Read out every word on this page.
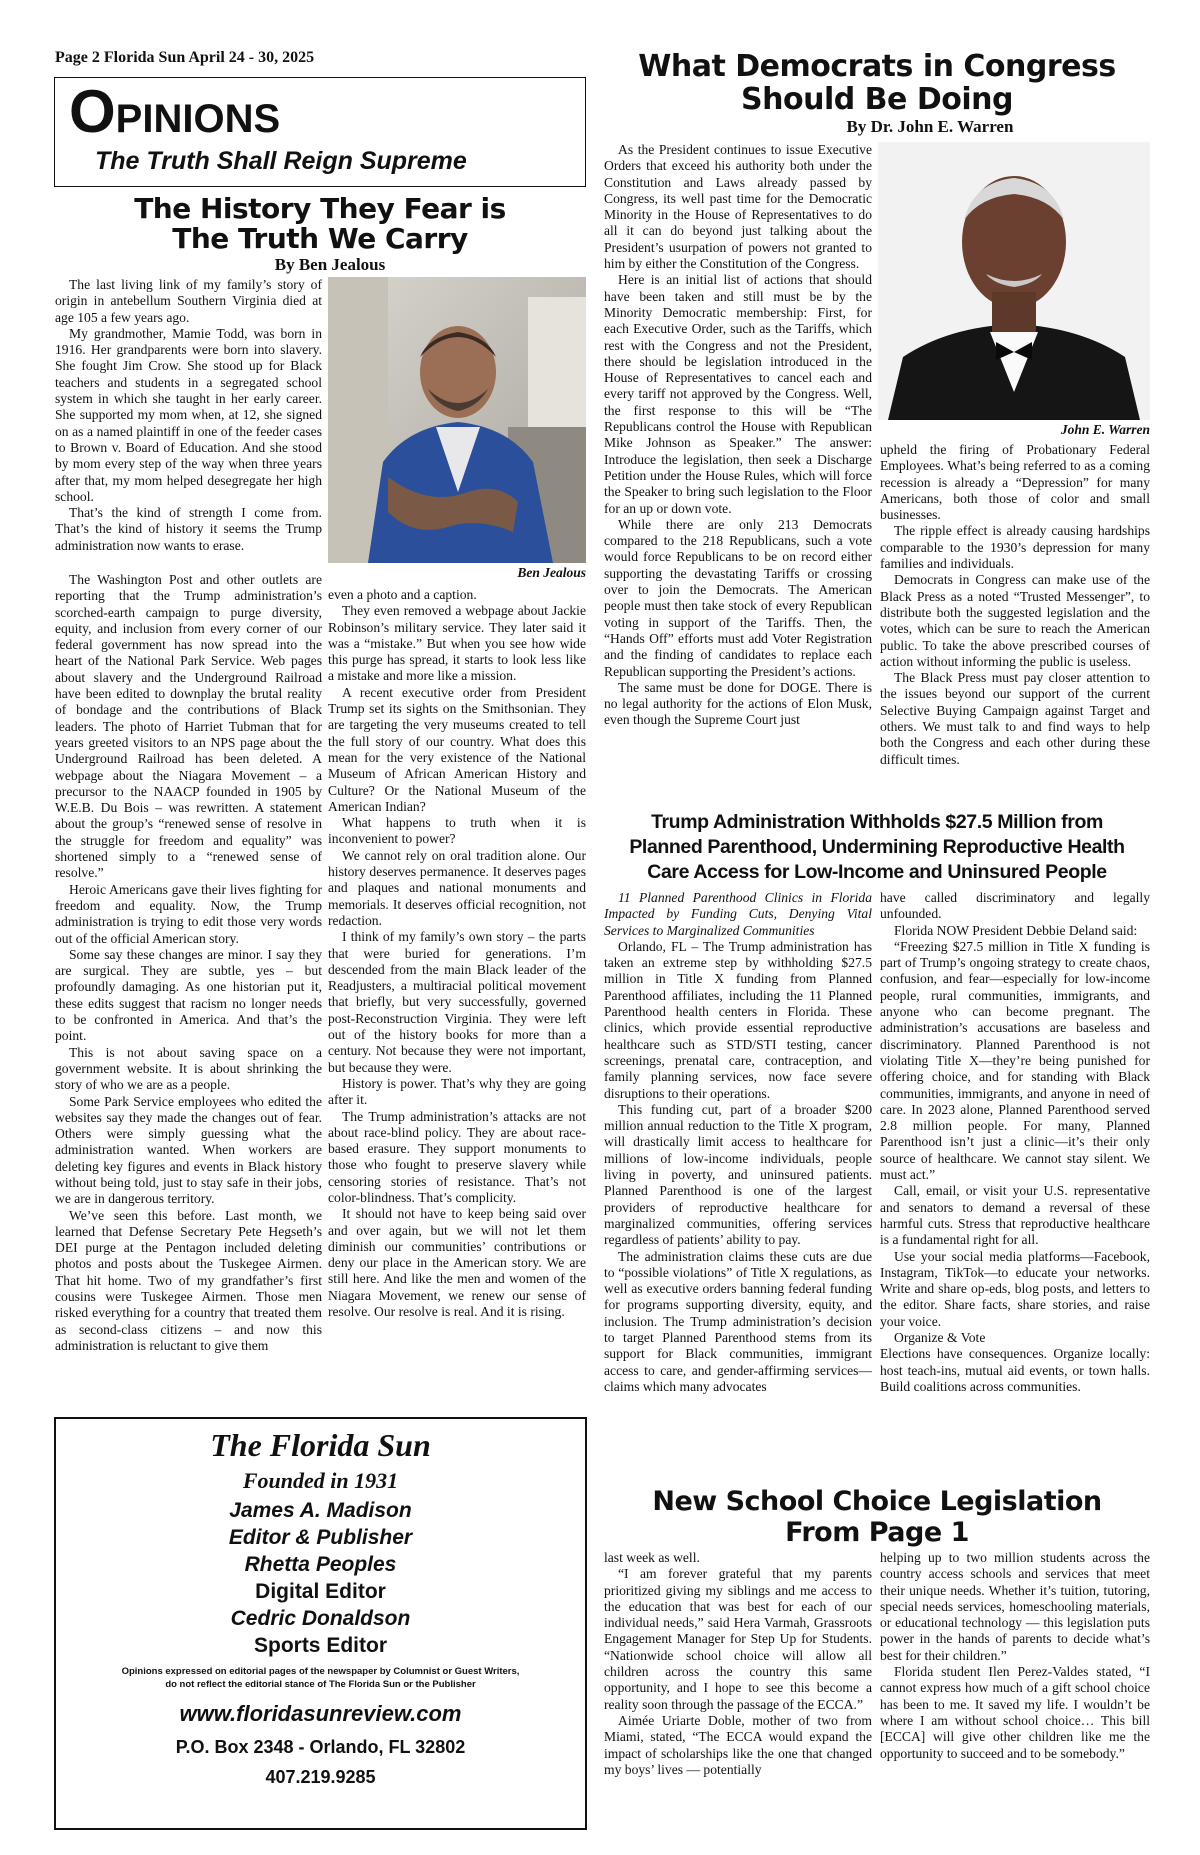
Page 2 Florida Sun April 24 - 30, 2025
OPINIONS
The Truth Shall Reign Supreme
The History They Fear is
The Truth We Carry
By Ben Jealous
Ben Jealous

The last living link of my family’s story of origin in antebellum Southern Virginia died at age 105 a few years ago.

My grandmother, Mamie Todd, was born in 1916. Her grandparents were born into slavery. She fought Jim Crow. She stood up for Black teachers and students in a segregated school system in which she taught in her early career. She supported my mom when, at 12, she signed on as a named plaintiff in one of the feeder cases to Brown v. Board of Education. And she stood by mom every step of the way when three years after that, my mom helped desegregate her high school.

That’s the kind of strength I come from. That’s the kind of history it seems the Trump administration now wants to erase.

The Washington Post and other outlets are reporting that the Trump administration’s scorched-earth campaign to purge diversity, equity, and inclusion from every corner of our federal government has now spread into the heart of the National Park Service. Web pages about slavery and the Underground Railroad have been edited to downplay the brutal reality of bondage and the contributions of Black leaders. The photo of Harriet Tubman that for years greeted visitors to an NPS page about the Underground Railroad has been deleted. A webpage about the Niagara Movement – a precursor to the NAACP founded in 1905 by W.E.B. Du Bois – was rewritten. A statement about the group’s “renewed sense of resolve in the struggle for freedom and equality” was shortened simply to a “renewed sense of resolve.”

Heroic Americans gave their lives fighting for freedom and equality. Now, the Trump administration is trying to edit those very words out of the official American story.

Some say these changes are minor. I say they are surgical. They are subtle, yes – but profoundly damaging. As one historian put it, these edits suggest that racism no longer needs to be confronted in America. And that’s the point.

This is not about saving space on a government website. It is about shrinking the story of who we are as a people.

Some Park Service employees who edited the websites say they made the changes out of fear. Others were simply guessing what the administration wanted. When workers are deleting key figures and events in Black history without being told, just to stay safe in their jobs, we are in dangerous territory.

We’ve seen this before. Last month, we learned that Defense Secretary Pete Hegseth’s DEI purge at the Pentagon included deleting photos and posts about the Tuskegee Airmen. That hit home. Two of my grandfather’s first cousins were Tuskegee Airmen. Those men risked everything for a country that treated them as second-class citizens – and now this administration is reluctant to give them

even a photo and a caption.

They even removed a webpage about Jackie Robinson’s military service. They later said it was a “mistake.” But when you see how wide this purge has spread, it starts to look less like a mistake and more like a mission.

A recent executive order from President Trump set its sights on the Smithsonian. They are targeting the very museums created to tell the full story of our country. What does this mean for the very existence of the National Museum of African American History and Culture? Or the National Museum of the American Indian?

What happens to truth when it is inconvenient to power?

We cannot rely on oral tradition alone. Our history deserves permanence. It deserves pages and plaques and national monuments and memorials. It deserves official recognition, not redaction.

I think of my family’s own story – the parts that were buried for generations. I’m descended from the main Black leader of the Readjusters, a multiracial political movement that briefly, but very successfully, governed post-Reconstruction Virginia. They were left out of the history books for more than a century. Not because they were not important, but because they were.

History is power. That’s why they are going after it.

The Trump administration’s attacks are not about race-blind policy. They are about race-based erasure. They support monuments to those who fought to preserve slavery while censoring stories of resistance. That’s not color-blindness. That’s complicity.

It should not have to keep being said over and over again, but we will not let them diminish our communities’ contributions or deny our place in the American story. We are still here. And like the men and women of the Niagara Movement, we renew our sense of resolve. Our resolve is real. And it is rising.

The Florida Sun
Founded in 1931
James A. Madison
Editor & Publisher
Rhetta Peoples
Digital Editor
Cedric Donaldson
Sports Editor
Opinions expressed on editorial pages of the newspaper by Columnist or Guest Writers,
do not reflect the editorial stance of The Florida Sun or the Publisher
www.floridasunreview.com
P.O. Box 2348 - Orlando, FL 32802
407.219.9285
What Democrats in Congress
Should Be Doing
By Dr. John E. Warren
John E. Warren

As the President continues to issue Executive Orders that exceed his authority both under the Constitution and Laws already passed by Congress, its well past time for the Democratic Minority in the House of Representatives to do all it can do beyond just talking about the President’s usurpation of powers not granted to him by either the Constitution of the Congress.

Here is an initial list of actions that should have been taken and still must be by the Minority Democratic membership: First, for each Executive Order, such as the Tariffs, which rest with the Congress and not the President, there should be legislation introduced in the House of Representatives to cancel each and every tariff not approved by the Congress. Well, the first response to this will be “The Republicans control the House with Republican Mike Johnson as Speaker.” The answer: Introduce the legislation, then seek a Discharge Petition under the House Rules, which will force the Speaker to bring such legislation to the Floor for an up or down vote.

While there are only 213 Democrats compared to the 218 Republicans, such a vote would force Republicans to be on record either supporting the devastating Tariffs or crossing over to join the Democrats. The American people must then take stock of every Republican voting in support of the Tariffs. Then, the “Hands Off” efforts must add Voter Registration and the finding of candidates to replace each Republican supporting the President’s actions.

The same must be done for DOGE. There is no legal authority for the actions of Elon Musk, even though the Supreme Court just

upheld the firing of Probationary Federal Employees. What’s being referred to as a coming recession is already a “Depression” for many Americans, both those of color and small businesses.

The ripple effect is already causing hardships comparable to the 1930’s depression for many families and individuals.

Democrats in Congress can make use of the Black Press as a noted “Trusted Messenger”, to distribute both the suggested legislation and the votes, which can be sure to reach the American public. To take the above prescribed courses of action without informing the public is useless.

The Black Press must pay closer attention to the issues beyond our support of the current Selective Buying Campaign against Target and others. We must talk to and find ways to help both the Congress and each other during these difficult times.

Trump Administration Withholds $27.5 Million from
Planned Parenthood, Undermining Reproductive Health
Care Access for Low-Income and Uninsured People

11 Planned Parenthood Clinics in Florida Impacted by Funding Cuts, Denying Vital Services to Marginalized Communities

Orlando, FL – The Trump administration has taken an extreme step by withholding $27.5 million in Title X funding from Planned Parenthood affiliates, including the 11 Planned Parenthood health centers in Florida. These clinics, which provide essential reproductive healthcare such as STD/STI testing, cancer screenings, prenatal care, contraception, and family planning services, now face severe disruptions to their operations.

This funding cut, part of a broader $200 million annual reduction to the Title X program, will drastically limit access to healthcare for millions of low-income individuals, people living in poverty, and uninsured patients. Planned Parenthood is one of the largest providers of reproductive healthcare for marginalized communities, offering services regardless of patients’ ability to pay.

The administration claims these cuts are due to “possible violations” of Title X regulations, as well as executive orders banning federal funding for programs supporting diversity, equity, and inclusion. The Trump administration’s decision to target Planned Parenthood stems from its support for Black communities, immigrant access to care, and gender-affirming services—claims which many advocates

have called discriminatory and legally unfounded.

Florida NOW President Debbie Deland said:

“Freezing $27.5 million in Title X funding is part of Trump’s ongoing strategy to create chaos, confusion, and fear—especially for low-income people, rural communities, immigrants, and anyone who can become pregnant. The administration’s accusations are baseless and discriminatory. Planned Parenthood is not violating Title X—they’re being punished for offering choice, and for standing with Black communities, immigrants, and anyone in need of care. In 2023 alone, Planned Parenthood served 2.8 million people. For many, Planned Parenthood isn’t just a clinic—it’s their only source of healthcare. We cannot stay silent. We must act.”

Call, email, or visit your U.S. representative and senators to demand a reversal of these harmful cuts. Stress that reproductive healthcare is a fundamental right for all.

Use your social media platforms—Facebook, Instagram, TikTok—to educate your networks. Write and share op-eds, blog posts, and letters to the editor. Share facts, share stories, and raise your voice.

Organize & Vote

Elections have consequences. Organize locally: host teach-ins, mutual aid events, or town halls. Build coalitions across communities.

New School Choice Legislation
From Page 1

last week as well.

“I am forever grateful that my parents prioritized giving my siblings and me access to the education that was best for each of our individual needs,” said Hera Varmah, Grassroots Engagement Manager for Step Up for Students. “Nationwide school choice will allow all children across the country this same opportunity, and I hope to see this become a reality soon through the passage of the ECCA.”

Aimée Uriarte Doble, mother of two from Miami, stated, “The ECCA would expand the impact of scholarships like the one that changed my boys’ lives — potentially

helping up to two million students across the country access schools and services that meet their unique needs. Whether it’s tuition, tutoring, special needs services, homeschooling materials, or educational technology — this legislation puts power in the hands of parents to decide what’s best for their children.”

Florida student Ilen Perez-Valdes stated, “I cannot express how much of a gift school choice has been to me. It saved my life. I wouldn’t be where I am without school choice… This bill [ECCA] will give other children like me the opportunity to succeed and to be somebody.”
